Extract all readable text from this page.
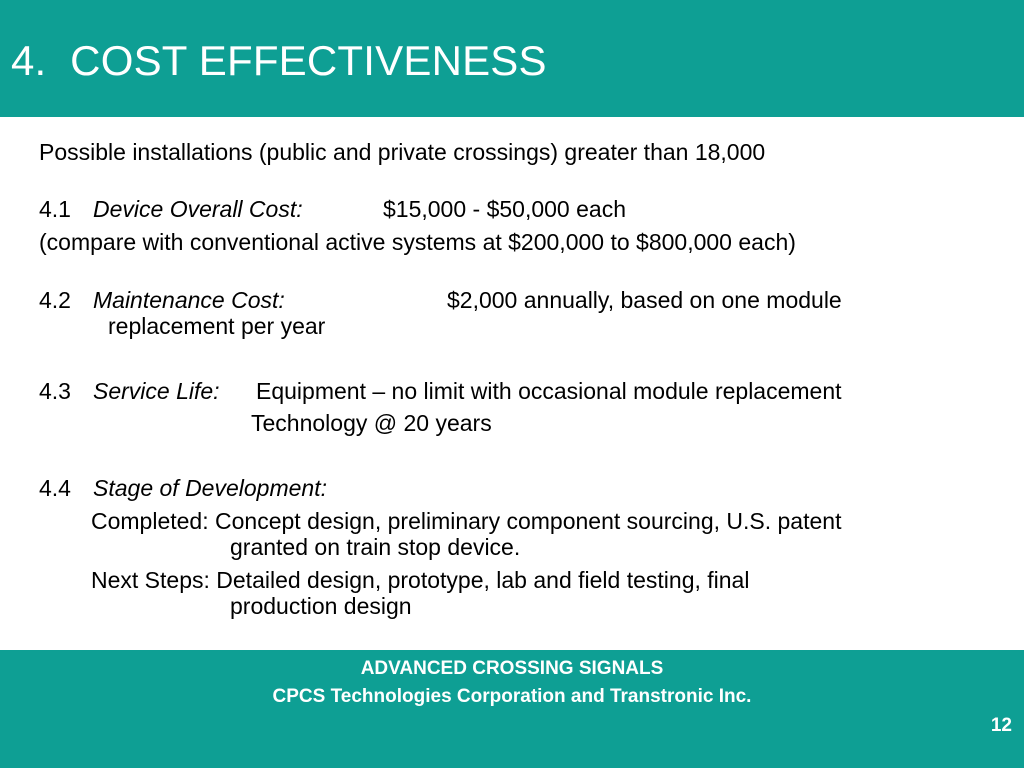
4.  COST EFFECTIVENESS
Possible installations (public and private crossings) greater than 18,000
4.1 Device Overall Cost:	$15,000 - $50,000 each
(compare with conventional active systems at $200,000 to $800,000 each)
4.2 Maintenance Cost:	$2,000 annually, based on one module
replacement per year
4.3 Service Life: Equipment – no limit with occasional module replacement
Technology @ 20 years
4.4 Stage of Development:
Completed: Concept design, preliminary component sourcing, U.S. patent
granted on train stop device.
Next Steps: Detailed design, prototype, lab and field testing, final
production design
ADVANCED CROSSING SIGNALS
CPCS Technologies Corporation and Transtronic Inc.
12
